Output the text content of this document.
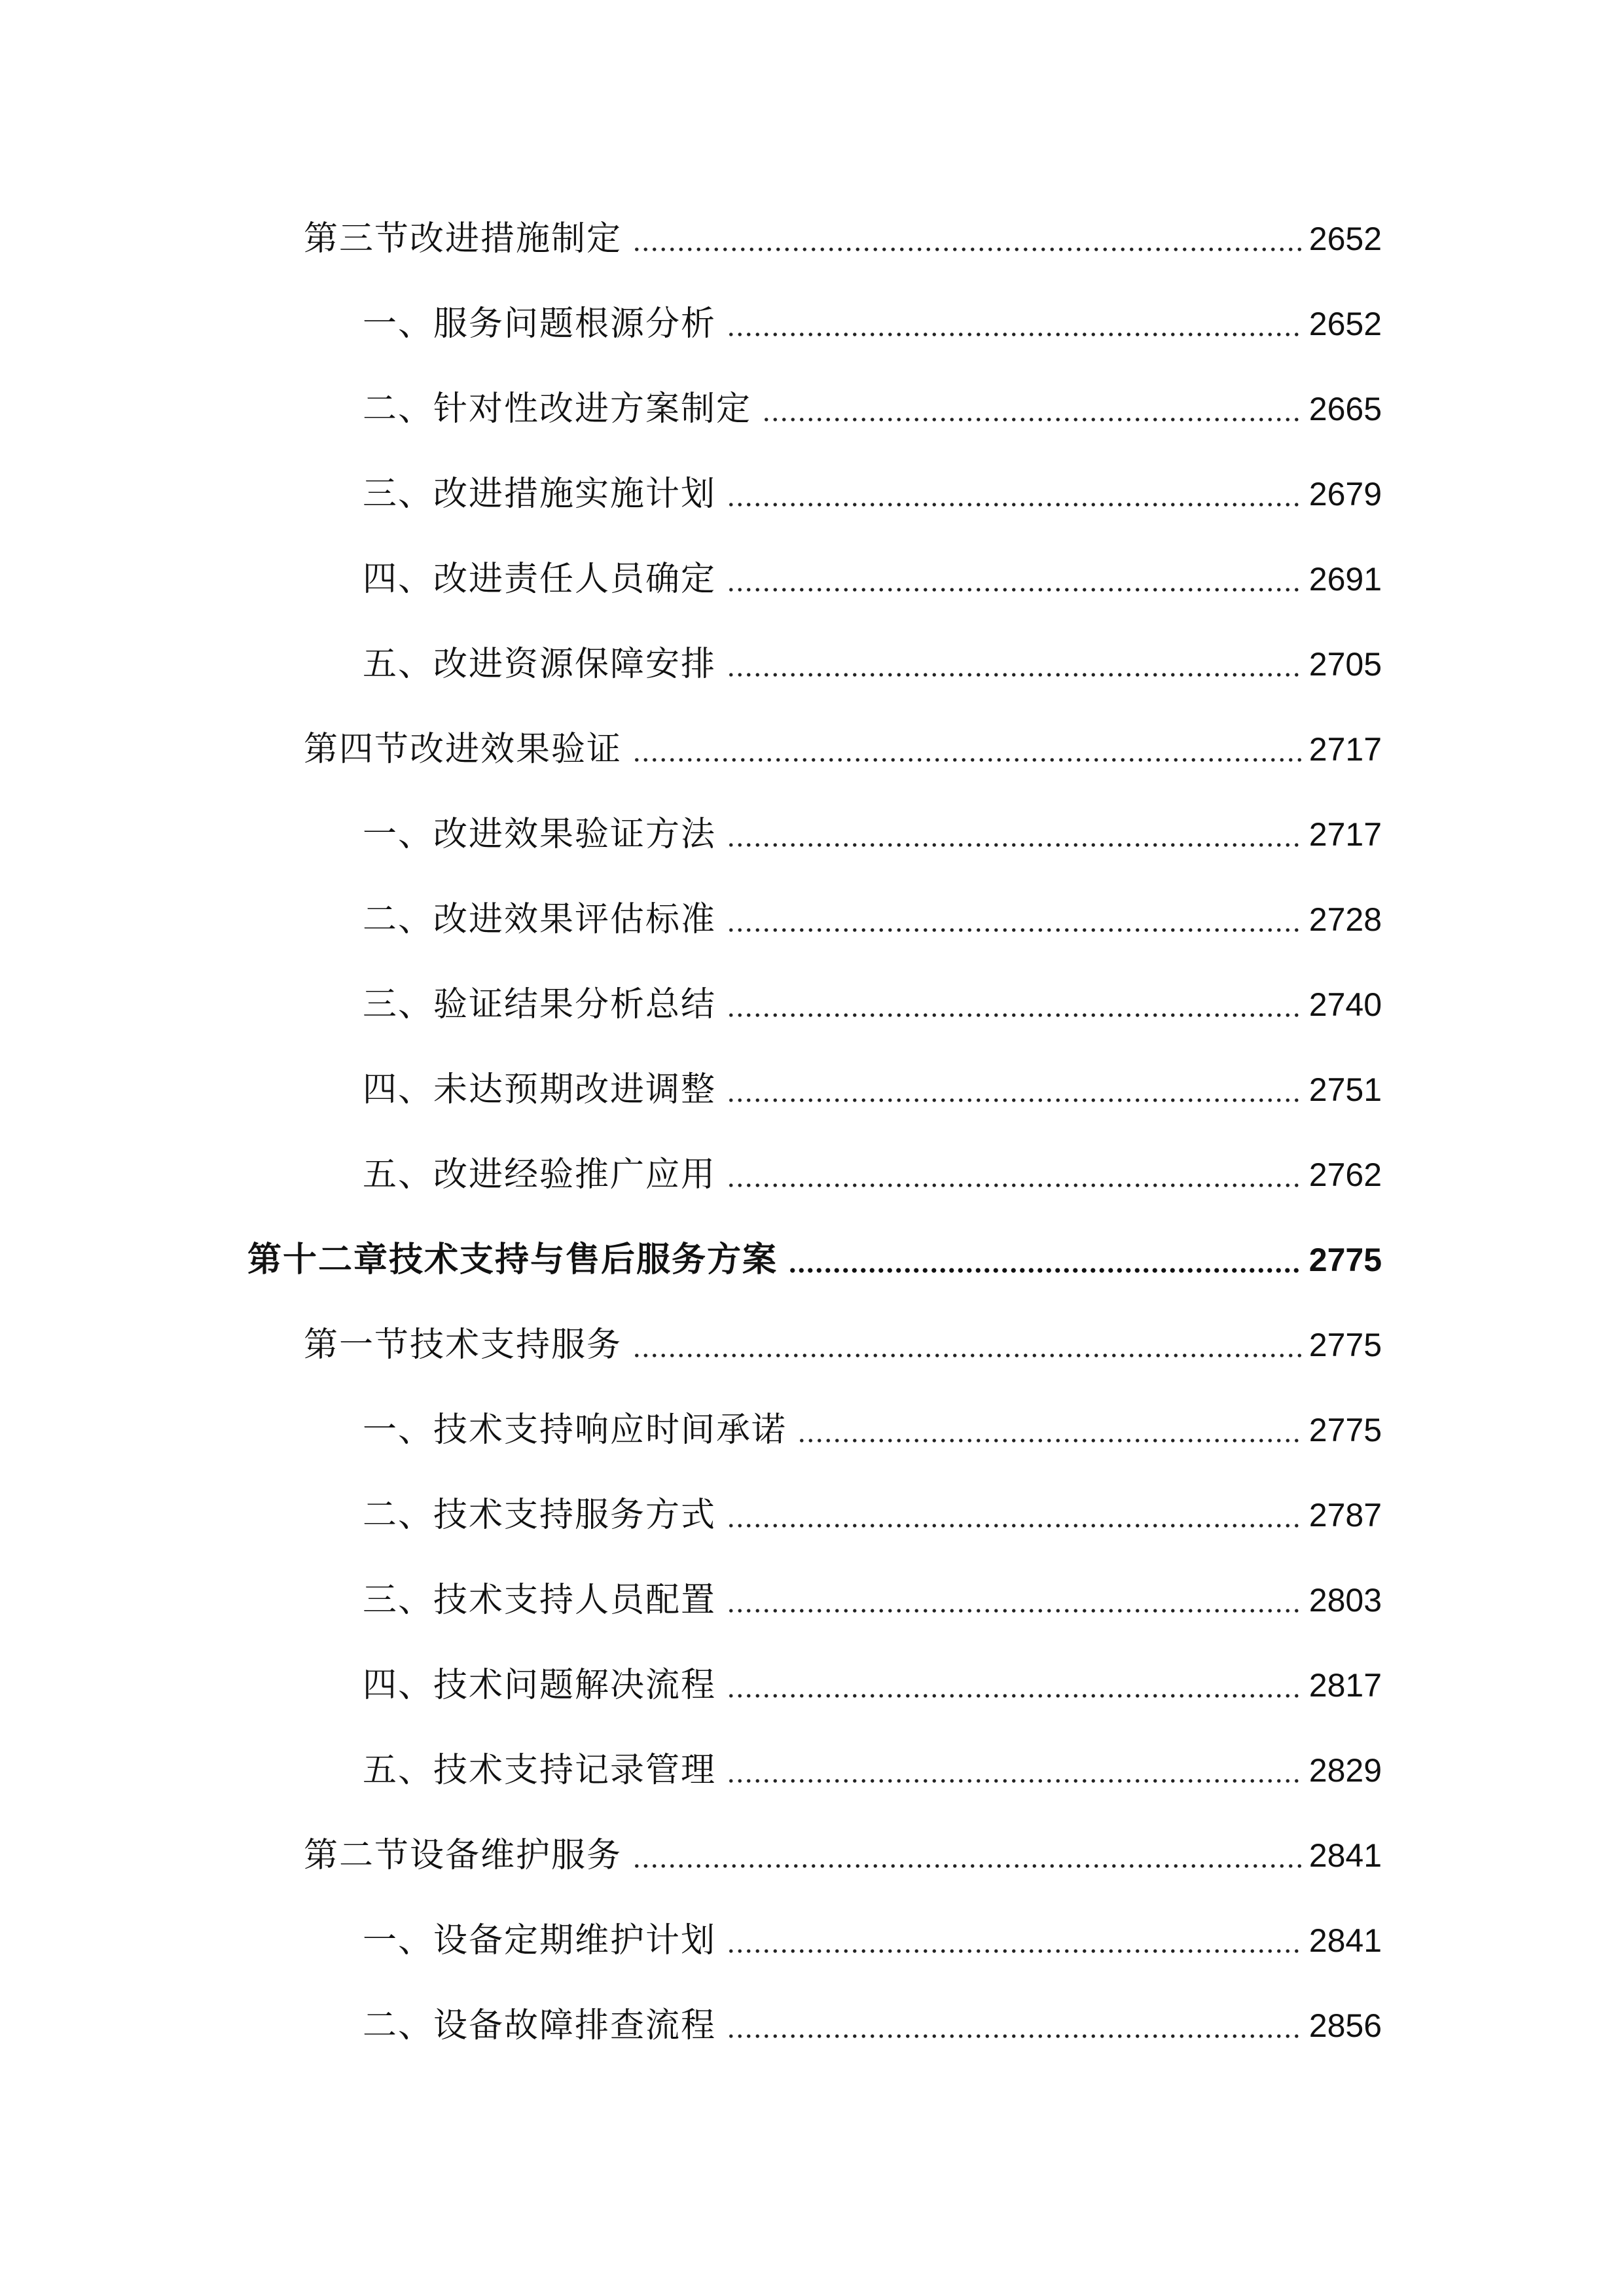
第三节改进措施制定	2652
一、服务问题根源分析	2652
二、针对性改进方案制定	2665
三、改进措施实施计划	2679
四、改进责任人员确定	2691
五、改进资源保障安排	2705
第四节改进效果验证	2717
一、改进效果验证方法	2717
二、改进效果评估标准	2728
三、验证结果分析总结	2740
四、未达预期改进调整	2751
五、改进经验推广应用	2762
第十二章技术支持与售后服务方案	2775
第一节技术支持服务	2775
一、技术支持响应时间承诺	2775
二、技术支持服务方式	2787
三、技术支持人员配置	2803
四、技术问题解决流程	2817
五、技术支持记录管理	2829
第二节设备维护服务	2841
一、设备定期维护计划	2841
二、设备故障排查流程	2856
